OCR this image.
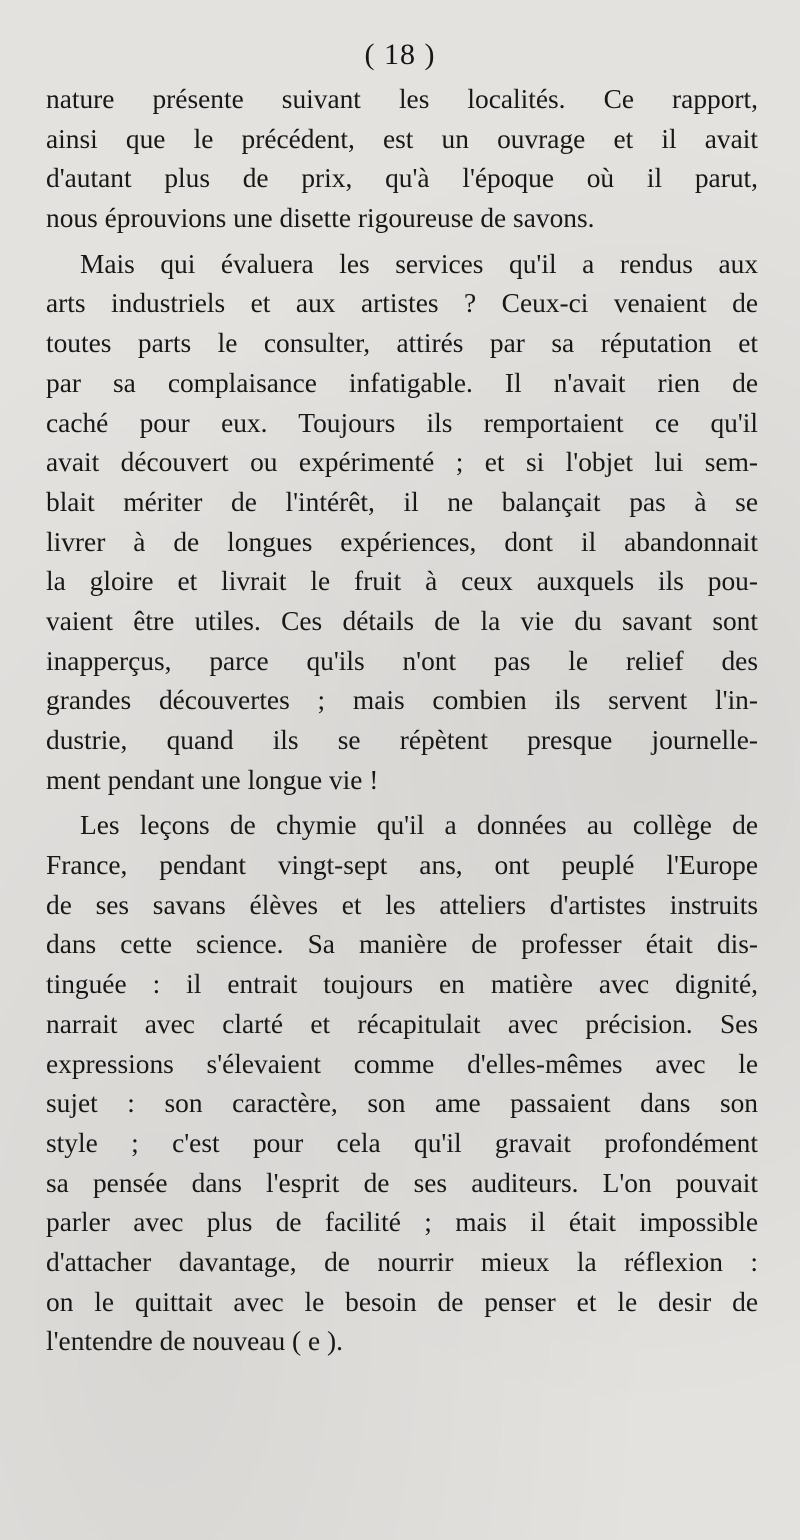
( 18 )
nature présente suivant les localités. Ce rapport,
ainsi que le précédent, est un ouvrage et il avait
d'autant plus de prix, qu'à l'époque où il parut,
nous éprouvions une disette rigoureuse de savons.
Mais qui évaluera les services qu'il a rendus aux
arts industriels et aux artistes ? Ceux-ci venaient de
toutes parts le consulter, attirés par sa réputation et
par sa complaisance infatigable. Il n'avait rien de
caché pour eux. Toujours ils remportaient ce qu'il
avait découvert ou expérimenté ; et si l'objet lui sem-
blait mériter de l'intérêt, il ne balançait pas à se
livrer à de longues expériences, dont il abandonnait
la gloire et livrait le fruit à ceux auxquels ils pou-
vaient être utiles. Ces détails de la vie du savant sont
inapperçus, parce qu'ils n'ont pas le relief des
grandes découvertes ; mais combien ils servent l'in-
dustrie, quand ils se répètent presque journelle-
ment pendant une longue vie !
Les leçons de chymie qu'il a données au collège de
France, pendant vingt-sept ans, ont peuplé l'Europe
de ses savans élèves et les atteliers d'artistes instruits
dans cette science. Sa manière de professer était dis-
tinguée : il entrait toujours en matière avec dignité,
narrait avec clarté et récapitulait avec précision. Ses
expressions s'élevaient comme d'elles-mêmes avec le
sujet : son caractère, son ame passaient dans son
style ; c'est pour cela qu'il gravait profondément
sa pensée dans l'esprit de ses auditeurs. L'on pouvait
parler avec plus de facilité ; mais il était impossible
d'attacher davantage, de nourrir mieux la réflexion :
on le quittait avec le besoin de penser et le desir de
l'entendre de nouveau ( e ).
